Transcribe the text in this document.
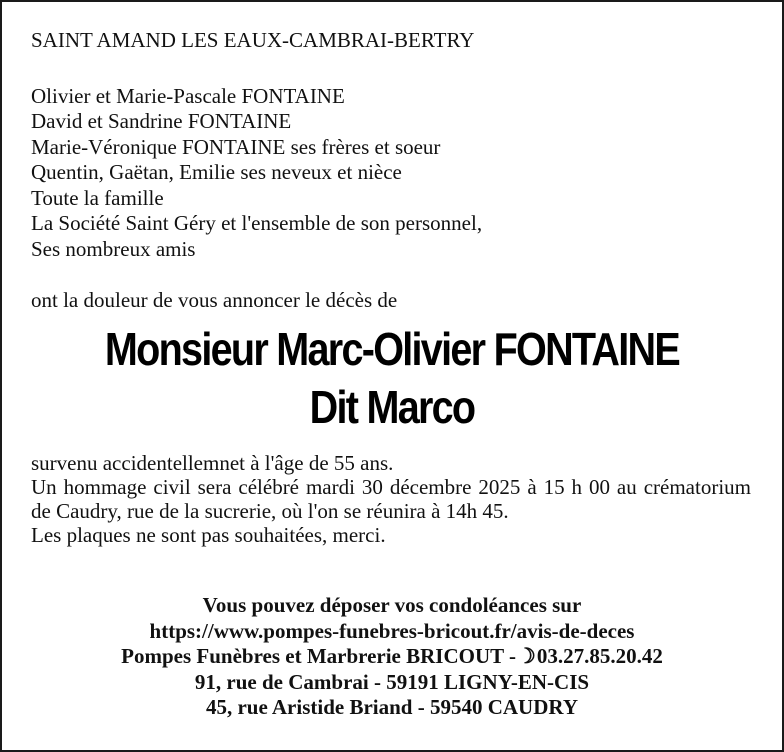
SAINT AMAND LES EAUX-CAMBRAI-BERTRY
Olivier et Marie-Pascale FONTAINE
David et Sandrine FONTAINE
Marie-Véronique FONTAINE ses frères et soeur
Quentin, Gaëtan, Emilie ses neveux et nièce
Toute la famille
La Société Saint Géry et l'ensemble de son personnel,
Ses nombreux amis
ont la douleur de vous annoncer le décès de
Monsieur Marc-Olivier FONTAINE
Dit Marco

survenu accidentellemnet à l'âge de 55 ans.

Un hommage civil sera célébré mardi 30 décembre 2025 à 15 h 00 au crématorium de Caudry, rue de la sucrerie, où l'on se réunira à 14h 45.

Les plaques ne sont pas souhaitées, merci.

Vous pouvez déposer vos condoléances sur
https://www.pompes-funebres-bricout.fr/avis-de-deces
Pompes Funèbres et Marbrerie BRICOUT -☽03.27.85.20.42
91, rue de Cambrai - 59191 LIGNY-EN-CIS
45, rue Aristide Briand - 59540 CAUDRY
